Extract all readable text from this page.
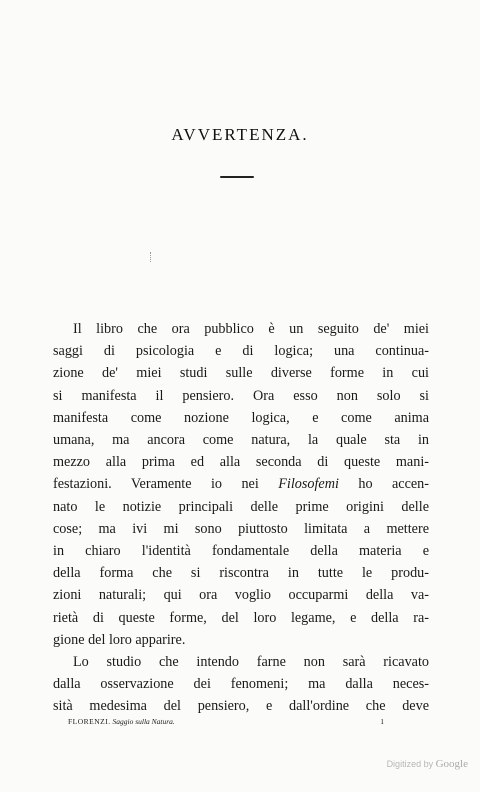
AVVERTENZA.
Il libro che ora pubblico è un seguito de' miei
saggi di psicologia e di logica; una continua-
zione de' miei studi sulle diverse forme in cui
si manifesta il pensiero. Ora esso non solo si
manifesta come nozione logica, e come anima
umana, ma ancora come natura, la quale sta in
mezzo alla prima ed alla seconda di queste mani-
festazioni. Veramente io nei Filosofemi ho accen-
nato le notizie principali delle prime origini delle
cose; ma ivi mi sono piuttosto limitata a mettere
in chiaro l'identità fondamentale della materia e
della forma che si riscontra in tutte le produ-
zioni naturali; qui ora voglio occuparmi della va-
rietà di queste forme, del loro legame, e della ra-
gione del loro apparire.
Lo studio che intendo farne non sarà ricavato
dalla osservazione dei fenomeni; ma dalla neces-
sità medesima del pensiero, e dall'ordine che deve
FLORENZI. Saggio sulla Natura.	1
Digitized by Google
